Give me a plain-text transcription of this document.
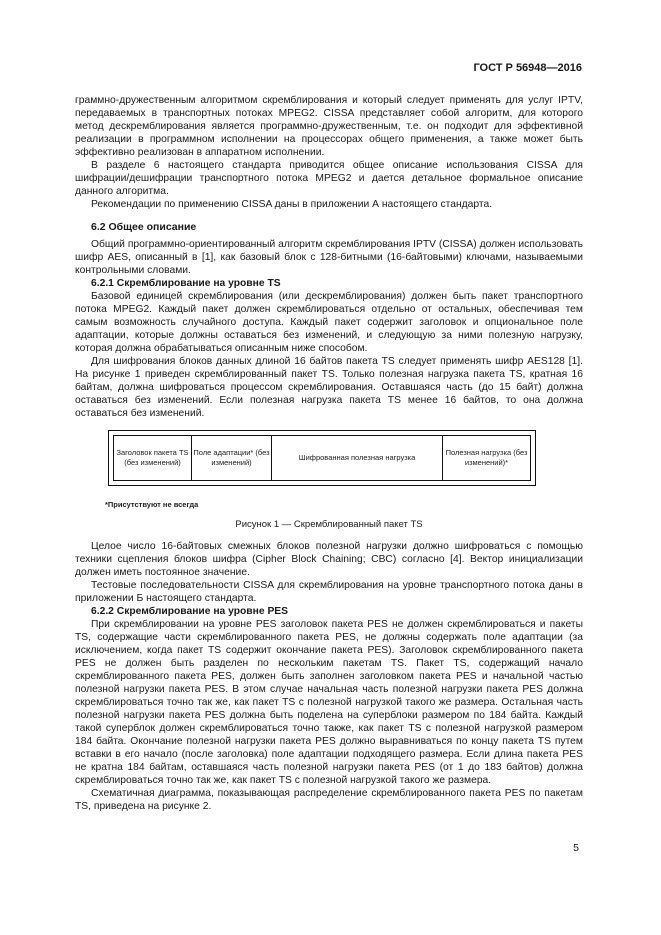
ГОСТ Р 56948—2016

граммно-дружественным алгоритмом скремблирования и который следует применять для услуг IPTV, передаваемых в транспортных потоках MPEG2. CISSA представляет собой алгоритм, для которого метод дескремблирования является программно-дружественным, т.е. он подходит для эффективной реализации в программном исполнении на процессорах общего применения, а также может быть эффективно реализован в аппаратном исполнении.

В разделе 6 настоящего стандарта приводится общее описание использования CISSA для шифрации/дешифрации транспортного потока MPEG2 и дается детальное формальное описание данного алгоритма.

Рекомендации по применению CISSA даны в приложении А настоящего стандарта.

6.2 Общее описание

Общий программно-ориентированный алгоритм скремблирования IPTV (CISSA) должен использовать шифр AES, описанный в [1], как базовый блок с 128-битными (16-байтовыми) ключами, называемыми контрольными словами.

6.2.1 Скремблирование на уровне TS

Базовой единицей скремблирования (или дескремблирования) должен быть пакет транспортного потока MPEG2. Каждый пакет должен скремблироваться отдельно от остальных, обеспечивая тем самым возможность случайного доступа. Каждый пакет содержит заголовок и опциональное поле адаптации, которые должны оставаться без изменений, и следующую за ними полезную нагрузку, которая должна обрабатываться описанным ниже способом.

Для шифрования блоков данных длиной 16 байтов пакета TS следует применять шифр AES128 [1]. На рисунке 1 приведен скремблированный пакет TS. Только полезная нагрузка пакета TS, кратная 16 байтам, должна шифроваться процессом скремблирования. Оставшаяся часть (до 15 байт) должна оставаться без изменений. Если полезная нагрузка пакета TS менее 16 байтов, то она должна оставаться без изменений.

Заголовок пакета TS (без изменений)
Поле адаптации* (без изменений)
Шифрованная полезная нагрузка
Полезная нагрузка (без изменений)*
*Присутствуют не всегда
Рисунок 1 — Скремблированный пакет TS

Целое число 16-байтовых смежных блоков полезной нагрузки должно шифроваться с помощью техники сцепления блоков шифра (Cipher Block Chaining; CBC) согласно [4]. Вектор инициализации должен иметь постоянное значение.

Тестовые последовательности CISSA для скремблирования на уровне транспортного потока даны в приложении Б настоящего стандарта.

6.2.2 Скремблирование на уровне PES

При скремблировании на уровне PES заголовок пакета PES не должен скремблироваться и пакеты TS, содержащие части скремблированного пакета PES, не должны содержать поле адаптации (за исключением, когда пакет TS содержит окончание пакета PES). Заголовок скремблированного пакета PES не должен быть разделен по нескольким пакетам TS. Пакет TS, содержащий начало скремблированного пакета PES, должен быть заполнен заголовком пакета PES и начальной частью полезной нагрузки пакета PES. В этом случае начальная часть полезной нагрузки пакета PES должна скремблироваться точно так же, как пакет TS с полезной нагрузкой такого же размера. Остальная часть полезной нагрузки пакета PES должна быть поделена на суперблоки размером по 184 байта. Каждый такой суперблок должен скремблироваться точно также, как пакет TS с полезной нагрузкой размером 184 байта. Окончание полезной нагрузки пакета PES должно выравниваться по концу пакета TS путем вставки в его начало (после заголовка) поле адаптации подходящего размера. Если длина пакета PES не кратна 184 байтам, оставшаяся часть полезной нагрузки пакета PES (от 1 до 183 байтов) должна скремблироваться точно так же, как пакет TS с полезной нагрузкой такого же размера.

Схематичная диаграмма, показывающая распределение скремблированного пакета PES по пакетам TS, приведена на рисунке 2.

5
